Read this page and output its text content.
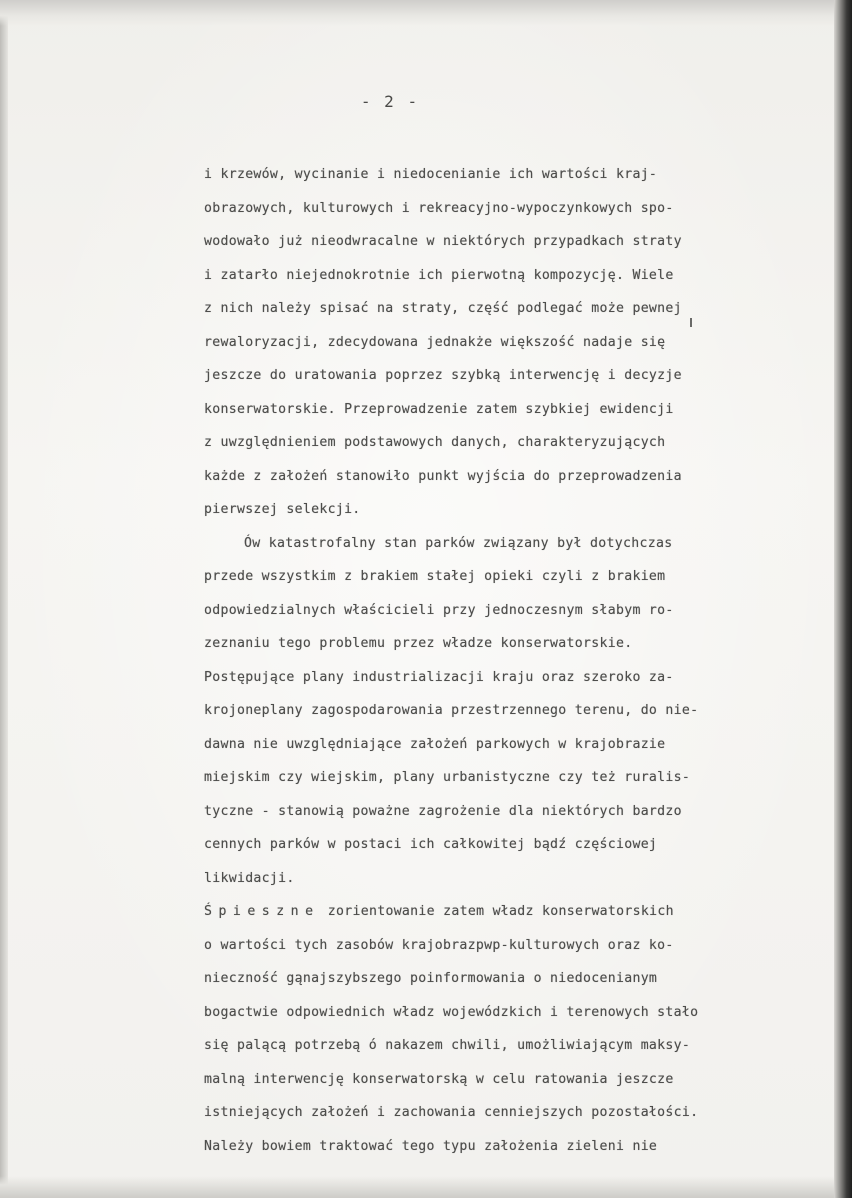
- 2 -
i krzewów, wycinanie i niedocenianie ich wartości kraj-
obrazowych, kulturowych i rekreacyjno-wypoczynkowych spo-
wodowało już nieodwracalne w niektórych przypadkach straty
i zatarło niejednokrotnie ich pierwotną kompozycję. Wiele
z nich należy spisać na straty, część podlegać może pewnej
rewaloryzacji, zdecydowana jednakże większość nadaje się
jeszcze do uratowania poprzez szybką interwencję i decyzje
konserwatorskie. Przeprowadzenie zatem szybkiej ewidencji
z uwzględnieniem podstawowych danych, charakteryzujących
każde z założeń stanowiło punkt wyjścia do przeprowadzenia
pierwszej selekcji.
Ów katastrofalny stan parków związany był dotychczas
przede wszystkim z brakiem stałej opieki czyli z brakiem
odpowiedzialnych właścicieli przy jednoczesnym słabym ro-
zeznaniu tego problemu przez władze konserwatorskie.
Postępujące plany industrializacji kraju oraz szeroko za-
krojoneplany zagospodarowania przestrzennego terenu, do nie-
dawna nie uwzględniające założeń parkowych w krajobrazie
miejskim czy wiejskim, plany urbanistyczne czy też ruralis-
tyczne - stanowią poważne zagrożenie dla niektórych bardzo
cennych parków w postaci ich całkowitej bądź częściowej
likwidacji.
Śpieszne zorientowanie zatem władz konserwatorskich
o wartości tych zasobów krajobrazpwp-kulturowych oraz ko-
nieczność gąnajszybszego poinformowania o niedocenianym
bogactwie odpowiednich władz wojewódzkich i terenowych stało
się palącą potrzebą ó nakazem chwili, umożliwiającym maksy-
malną interwencję konserwatorską w celu ratowania jeszcze
istniejących założeń i zachowania cenniejszych pozostałości.
Należy bowiem traktować tego typu założenia zieleni nie
